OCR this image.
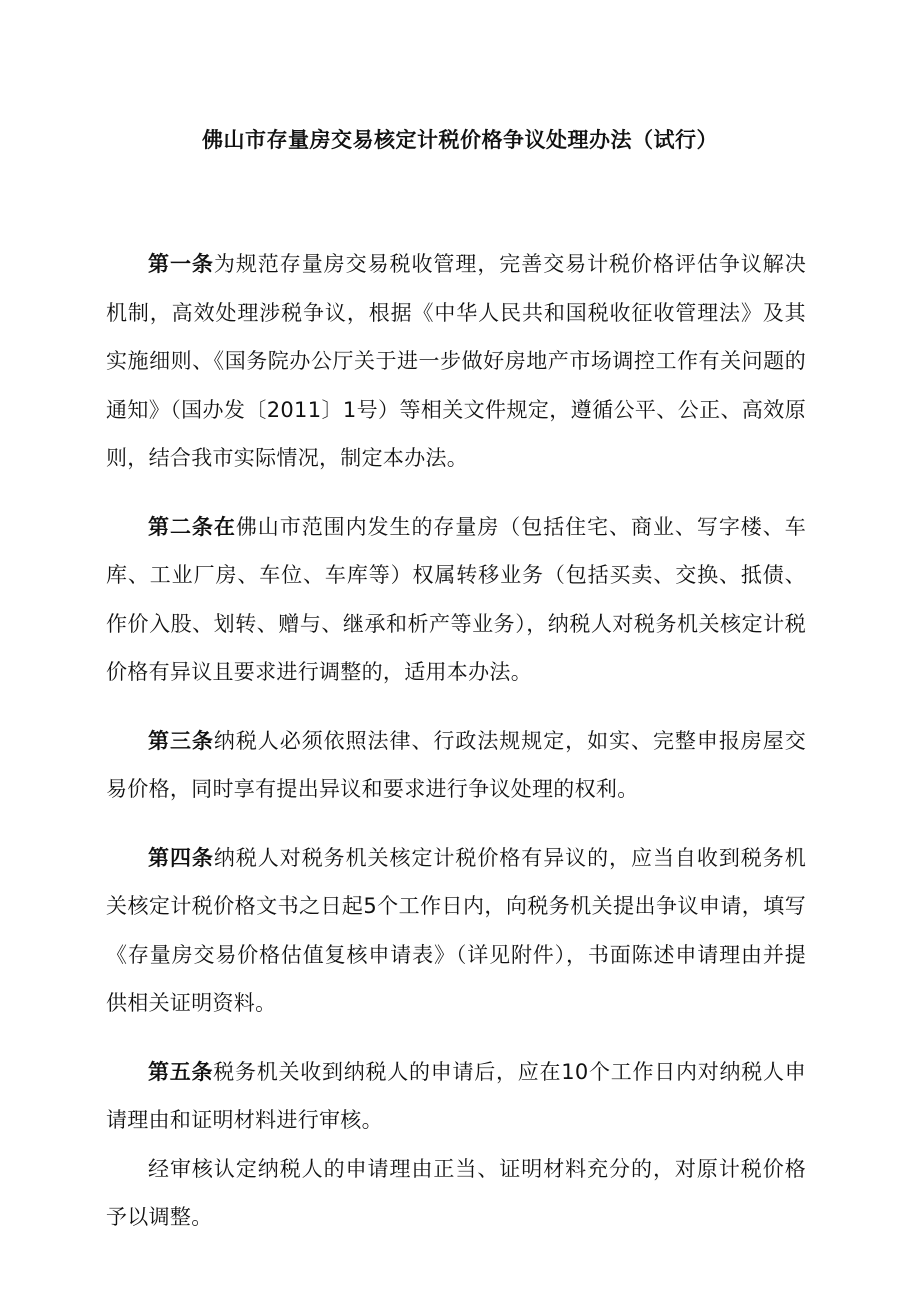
佛山市存量房交易核定计税价格争议处理办法（试行）

第一条为规范存量房交易税收管理，完善交易计税价格评估争议解决机制，高效处理涉税争议，根据《中华人民共和国税收征收管理法》及其实施细则、《国务院办公厅关于进一步做好房地产市场调控工作有关问题的通知》（国办发〔2011〕1号）等相关文件规定，遵循公平、公正、高效原则，结合我市实际情况，制定本办法。

第二条在佛山市范围内发生的存量房（包括住宅、商业、写字楼、车库、工业厂房、车位、车库等）权属转移业务（包括买卖、交换、抵债、作价入股、划转、赠与、继承和析产等业务），纳税人对税务机关核定计税价格有异议且要求进行调整的，适用本办法。

第三条纳税人必须依照法律、行政法规规定，如实、完整申报房屋交易价格，同时享有提出异议和要求进行争议处理的权利。

第四条纳税人对税务机关核定计税价格有异议的，应当自收到税务机关核定计税价格文书之日起5个工作日内，向税务机关提出争议申请，填写《存量房交易价格估值复核申请表》（详见附件），书面陈述申请理由并提供相关证明资料。

第五条税务机关收到纳税人的申请后，应在10个工作日内对纳税人申请理由和证明材料进行审核。

经审核认定纳税人的申请理由正当、证明材料充分的，对原计税价格予以调整。
